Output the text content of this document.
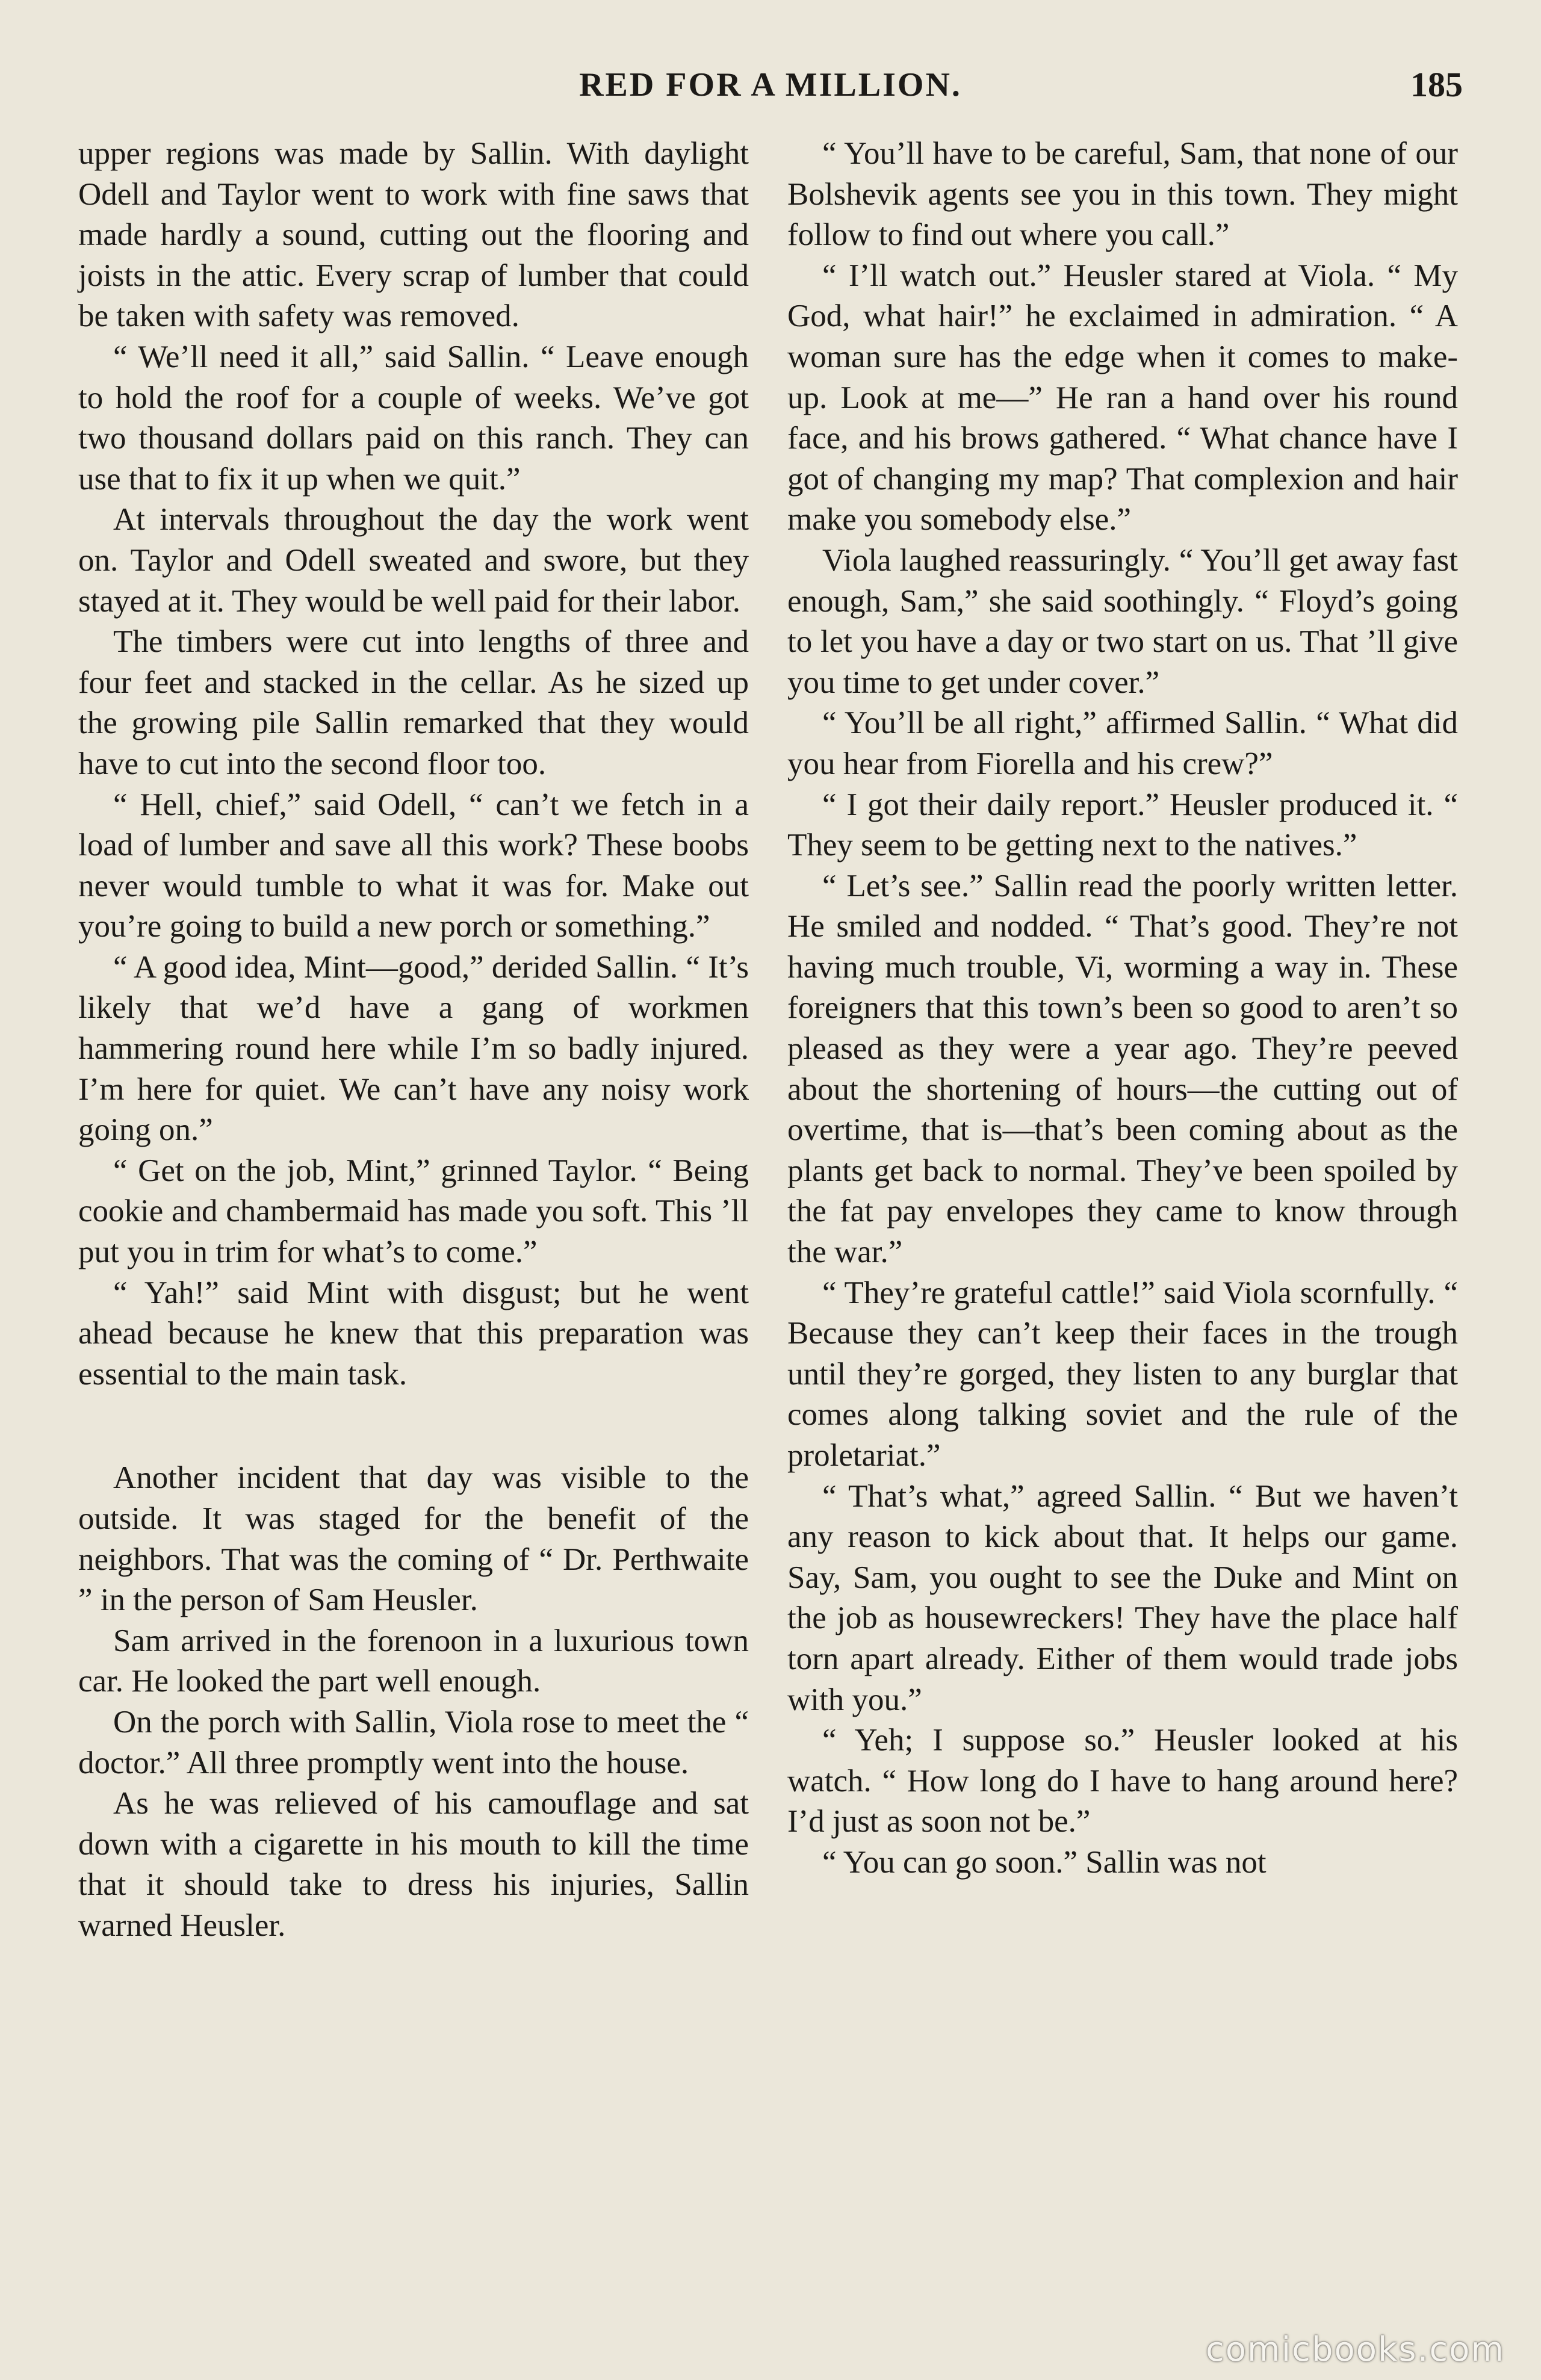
RED FOR A MILLION.	185

upper regions was made by Sallin. With daylight Odell and Taylor went to work with fine saws that made hardly a sound, cutting out the flooring and joists in the attic. Every scrap of lumber that could be taken with safety was removed.

“ We’ll need it all,” said Sallin. “ Leave enough to hold the roof for a couple of weeks. We’ve got two thousand dollars paid on this ranch. They can use that to fix it up when we quit.”

At intervals throughout the day the work went on. Taylor and Odell sweated and swore, but they stayed at it. They would be well paid for their labor.

The timbers were cut into lengths of three and four feet and stacked in the cellar. As he sized up the growing pile Sallin remarked that they would have to cut into the second floor too.

“ Hell, chief,” said Odell, “ can’t we fetch in a load of lumber and save all this work? These boobs never would tumble to what it was for. Make out you’re going to build a new porch or something.”

“ A good idea, Mint—good,” derided Sallin. “ It’s likely that we’d have a gang of workmen hammering round here while I’m so badly injured. I’m here for quiet. We can’t have any noisy work going on.”

“ Get on the job, Mint,” grinned Taylor. “ Being cookie and chambermaid has made you soft. This ’ll put you in trim for what’s to come.”

“ Yah!” said Mint with disgust; but he went ahead because he knew that this preparation was essential to the main task.

Another incident that day was visible to the outside. It was staged for the benefit of the neighbors. That was the coming of “ Dr. Perthwaite ” in the person of Sam Heusler.

Sam arrived in the forenoon in a luxurious town car. He looked the part well enough.

On the porch with Sallin, Viola rose to meet the “ doctor.” All three promptly went into the house.

As he was relieved of his camouflage and sat down with a cigarette in his mouth to kill the time that it should take to dress his injuries, Sallin warned Heusler.

“ You’ll have to be careful, Sam, that none of our Bolshevik agents see you in this town. They might follow to find out where you call.”

“ I’ll watch out.” Heusler stared at Viola. “ My God, what hair!” he exclaimed in admiration. “ A woman sure has the edge when it comes to make-up. Look at me—” He ran a hand over his round face, and his brows gathered. “ What chance have I got of changing my map? That complexion and hair make you somebody else.”

Viola laughed reassuringly. “ You’ll get away fast enough, Sam,” she said soothingly. “ Floyd’s going to let you have a day or two start on us. That ’ll give you time to get under cover.”

“ You’ll be all right,” affirmed Sallin. “ What did you hear from Fiorella and his crew?”

“ I got their daily report.” Heusler produced it. “ They seem to be getting next to the natives.”

“ Let’s see.” Sallin read the poorly written letter. He smiled and nodded. “ That’s good. They’re not having much trouble, Vi, worming a way in. These foreigners that this town’s been so good to aren’t so pleased as they were a year ago. They’re peeved about the shortening of hours—the cutting out of overtime, that is—that’s been coming about as the plants get back to normal. They’ve been spoiled by the fat pay envelopes they came to know through the war.”

“ They’re grateful cattle!” said Viola scornfully. “ Because they can’t keep their faces in the trough until they’re gorged, they listen to any burglar that comes along talking soviet and the rule of the proletariat.”

“ That’s what,” agreed Sallin. “ But we haven’t any reason to kick about that. It helps our game. Say, Sam, you ought to see the Duke and Mint on the job as housewreckers! They have the place half torn apart already. Either of them would trade jobs with you.”

“ Yeh; I suppose so.” Heusler looked at his watch. “ How long do I have to hang around here? I’d just as soon not be.”

“ You can go soon.” Sallin was not

comicbooks.com
